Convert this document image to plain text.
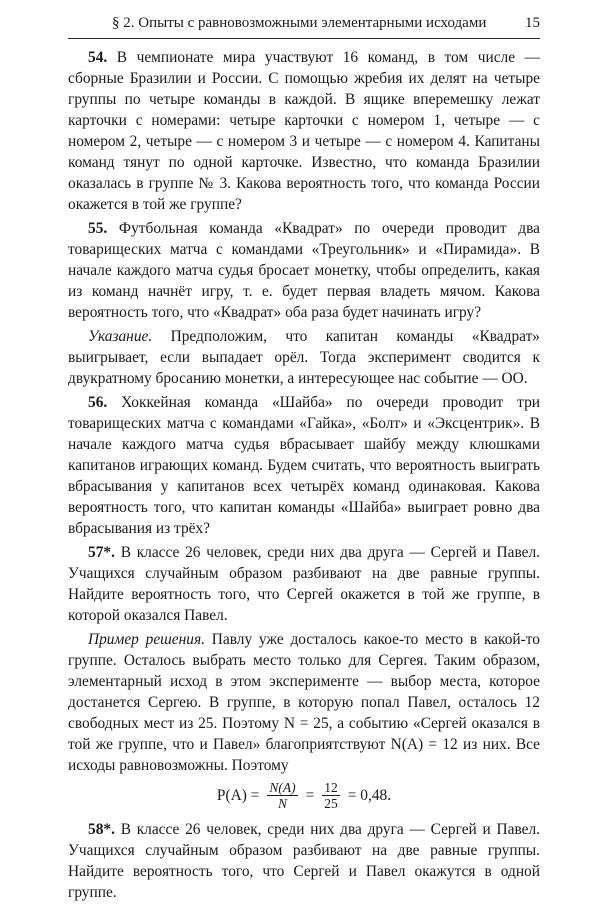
§ 2. Опыты с равновозможными элементарными исходами	15

54. В чемпионате мира участвуют 16 команд, в том числе — сборные Бразилии и России. С помощью жребия их делят на четыре группы по четыре команды в каждой. В ящике вперемешку лежат карточки с номерами: четыре карточки с номером 1, четыре — с номером 2, четыре — с номером 3 и четыре — с номером 4. Капитаны команд тянут по одной карточке. Известно, что команда Бразилии оказалась в группе № 3. Какова вероятность того, что команда России окажется в той же группе?

55. Футбольная команда «Квадрат» по очереди проводит два товарищеских матча с командами «Треугольник» и «Пирамида». В начале каждого матча судья бросает монетку, чтобы определить, какая из команд начнёт игру, т. е. будет первая владеть мячом. Какова вероятность того, что «Квадрат» оба раза будет начинать игру?

Указание. Предположим, что капитан команды «Квадрат» выигрывает, если выпадает орёл. Тогда эксперимент сводится к двукратному бросанию монетки, а интересующее нас событие — ОО.

56. Хоккейная команда «Шайба» по очереди проводит три товарищеских матча с командами «Гайка», «Болт» и «Эксцентрик». В начале каждого матча судья вбрасывает шайбу между клюшками капитанов играющих команд. Будем считать, что вероятность выиграть вбрасывания у капитанов всех четырёх команд одинаковая. Какова вероятность того, что капитан команды «Шайба» выиграет ровно два вбрасывания из трёх?

57*. В классе 26 человек, среди них два друга — Сергей и Павел. Учащихся случайным образом разбивают на две равные группы. Найдите вероятность того, что Сергей окажется в той же группе, в которой оказался Павел.

Пример решения. Павлу уже досталось какое-то место в какой-то группе. Осталось выбрать место только для Сергея. Таким образом, элементарный исход в этом эксперименте — выбор места, которое достанется Сергею. В группе, в которую попал Павел, осталось 12 свободных мест из 25. Поэтому N = 25, а событию «Сергей оказался в той же группе, что и Павел» благоприятствуют N(A) = 12 из них. Все исходы равновозможны. Поэтому

$P(A) = \frac{N(A)}{N} = \frac{12}{25} = 0,48$.

58*. В классе 26 человек, среди них два друга — Сергей и Павел. Учащихся случайным образом разбивают на две равные группы. Найдите вероятность того, что Сергей и Павел окажутся в одной группе.
